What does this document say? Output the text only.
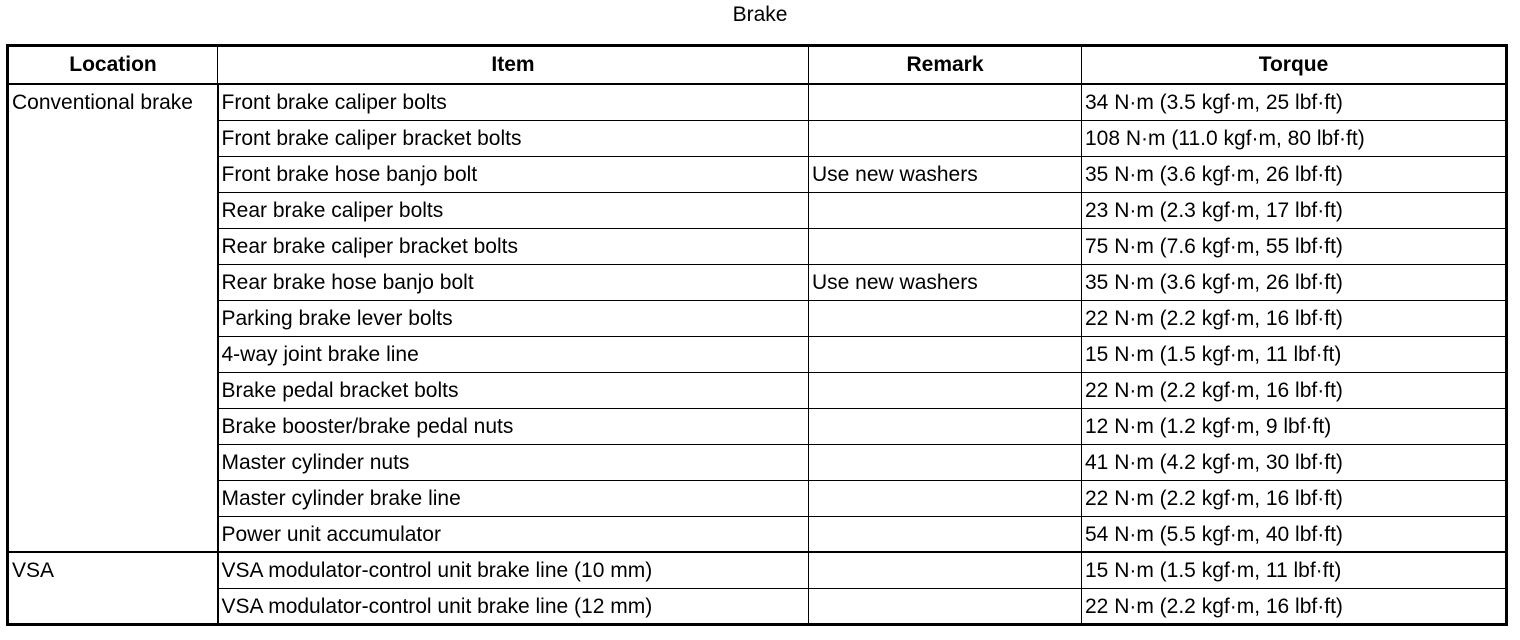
Brake
Location	Item	Remark	Torque
Conventional brake	Front brake caliper bolts		34 N·m (3.5 kgf·m, 25 lbf·ft)
	Front brake caliper bracket bolts		108 N·m (11.0 kgf·m, 80 lbf·ft)
	Front brake hose banjo bolt	Use new washers	35 N·m (3.6 kgf·m, 26 lbf·ft)
	Rear brake caliper bolts		23 N·m (2.3 kgf·m, 17 lbf·ft)
	Rear brake caliper bracket bolts		75 N·m (7.6 kgf·m, 55 lbf·ft)
	Rear brake hose banjo bolt	Use new washers	35 N·m (3.6 kgf·m, 26 lbf·ft)
	Parking brake lever bolts		22 N·m (2.2 kgf·m, 16 lbf·ft)
	4-way joint brake line		15 N·m (1.5 kgf·m, 11 lbf·ft)
	Brake pedal bracket bolts		22 N·m (2.2 kgf·m, 16 lbf·ft)
	Brake booster/brake pedal nuts		12 N·m (1.2 kgf·m, 9 lbf·ft)
	Master cylinder nuts		41 N·m (4.2 kgf·m, 30 lbf·ft)
	Master cylinder brake line		22 N·m (2.2 kgf·m, 16 lbf·ft)
	Power unit accumulator		54 N·m (5.5 kgf·m, 40 lbf·ft)
VSA	VSA modulator-control unit brake line (10 mm)		15 N·m (1.5 kgf·m, 11 lbf·ft)
	VSA modulator-control unit brake line (12 mm)		22 N·m (2.2 kgf·m, 16 lbf·ft)
